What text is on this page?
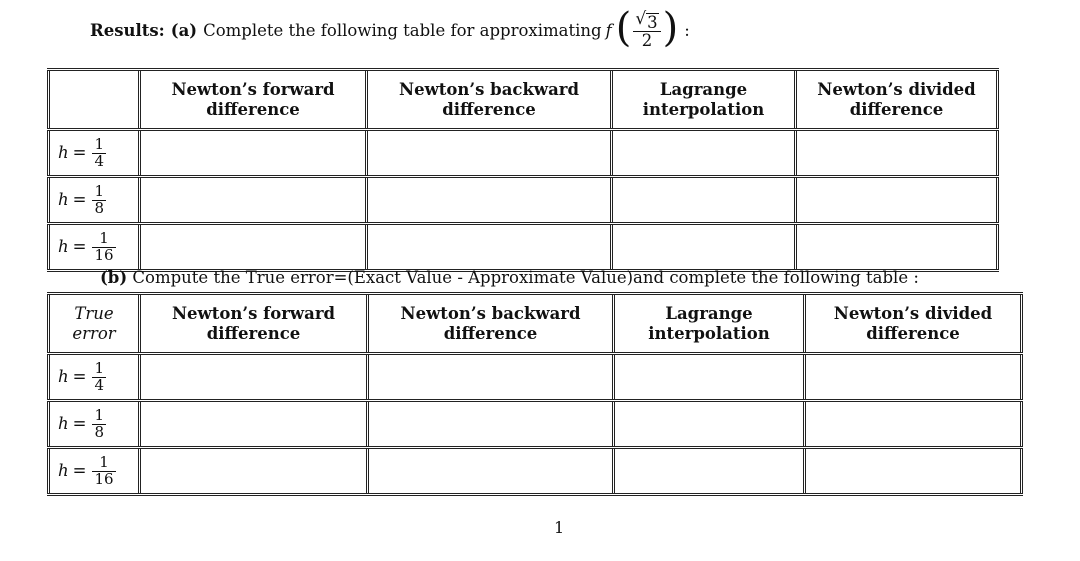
Results: (a) Complete the following table for approximating f ( $\frac{√ 3}{2}$ ) :
Newton’s forward difference
Newton’s backward difference
Lagrange interpolation
Newton’s divided difference
$h = \frac{1}{4}$
$h = \frac{1}{8}$
$h = \frac{1}{16}$
(b) Compute the True error=(Exact Value - Approximate Value)and complete the following table :
True
error
Newton’s forward difference
Newton’s backward difference
Lagrange interpolation
Newton’s divided difference
$h = \frac{1}{4}$
$h = \frac{1}{8}$
$h = \frac{1}{16}$
1
